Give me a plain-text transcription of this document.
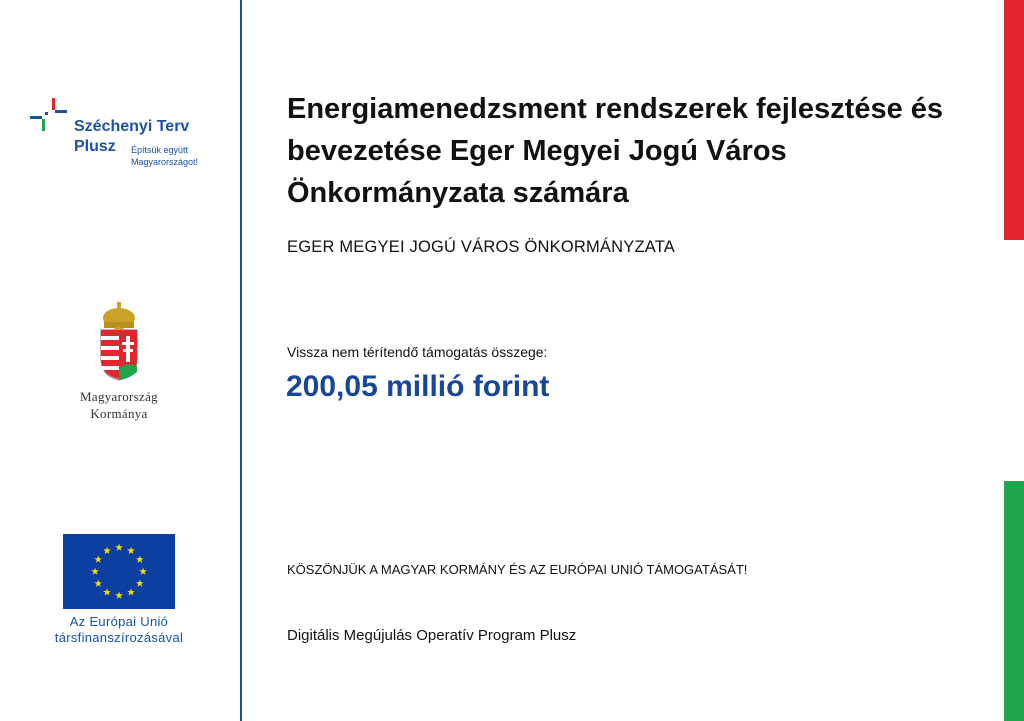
Széchenyi Terv
Plusz Építsük együtt
Magyarországot!
Magyarország
Kormánya
Az Európai Unió
társfinanszírozásával
Energiamenedzsment rendszerek fejlesztése és bevezetése Eger Megyei Jogú Város Önkormányzata számára
EGER MEGYEI JOGÚ VÁROS ÖNKORMÁNYZATA
Vissza nem térítendő támogatás összege:
200,05 millió forint
KÖSZÖNJÜK A MAGYAR KORMÁNY ÉS AZ EURÓPAI UNIÓ TÁMOGATÁSÁT!
Digitális Megújulás Operatív Program Plusz
